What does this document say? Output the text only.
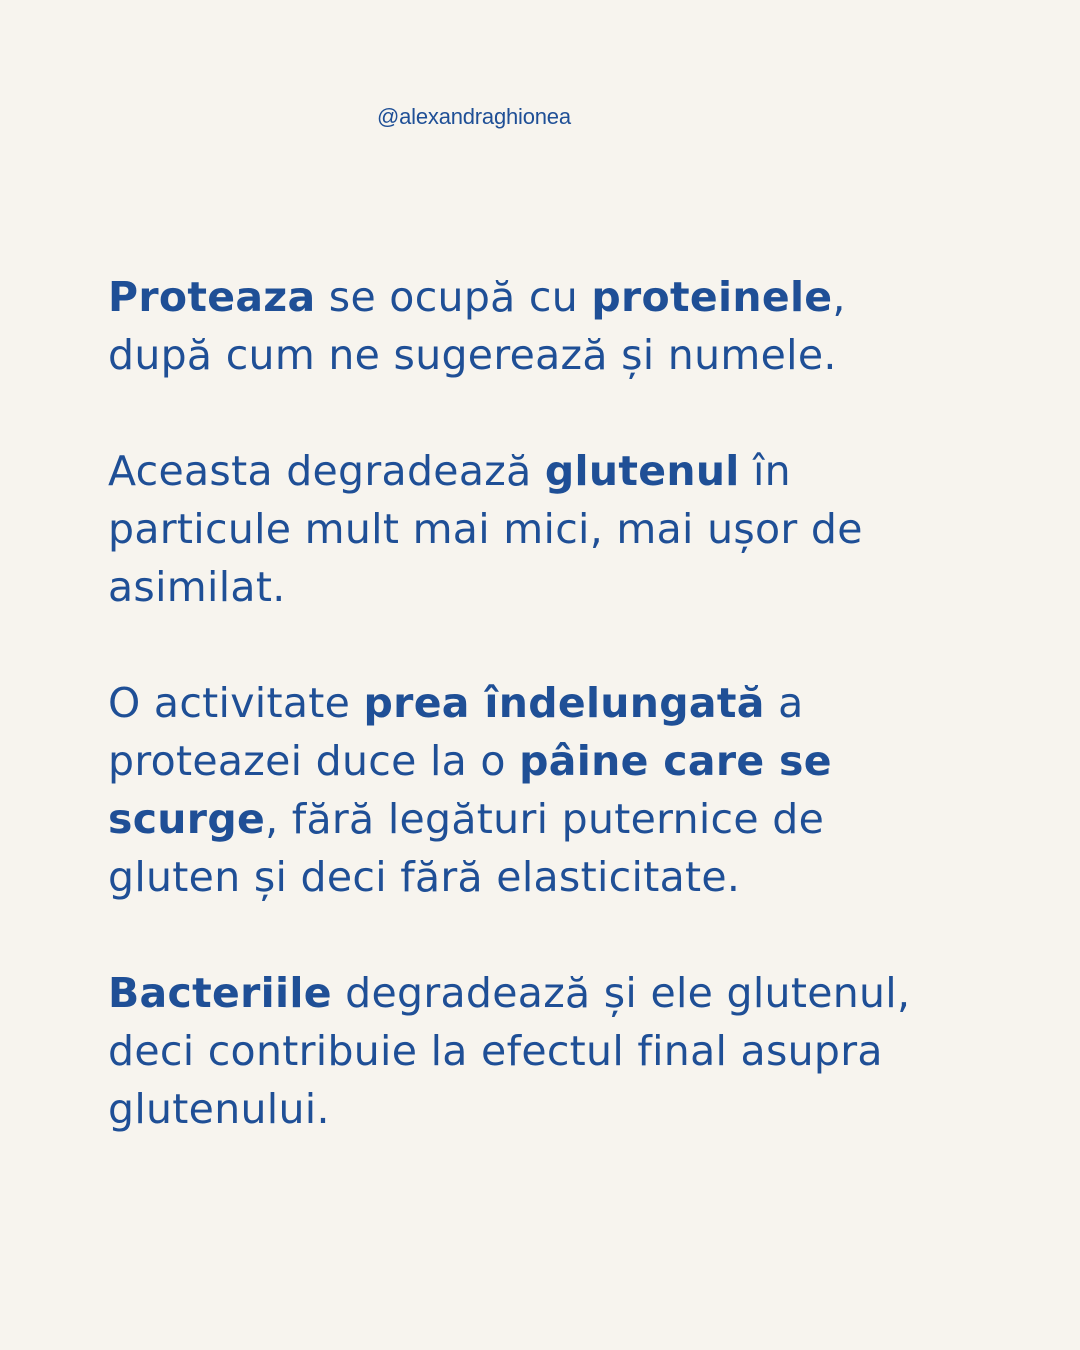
@alexandraghionea

Proteaza se ocupă cu proteinele,
după cum ne sugerează și numele.

Aceasta degradează glutenul în
particule mult mai mici, mai ușor de
asimilat.

O activitate prea îndelungată a
proteazei duce la o pâine care se
scurge, fără legături puternice de
gluten și deci fără elasticitate.

Bacteriile degradează și ele glutenul,
deci contribuie la efectul final asupra
glutenului.
